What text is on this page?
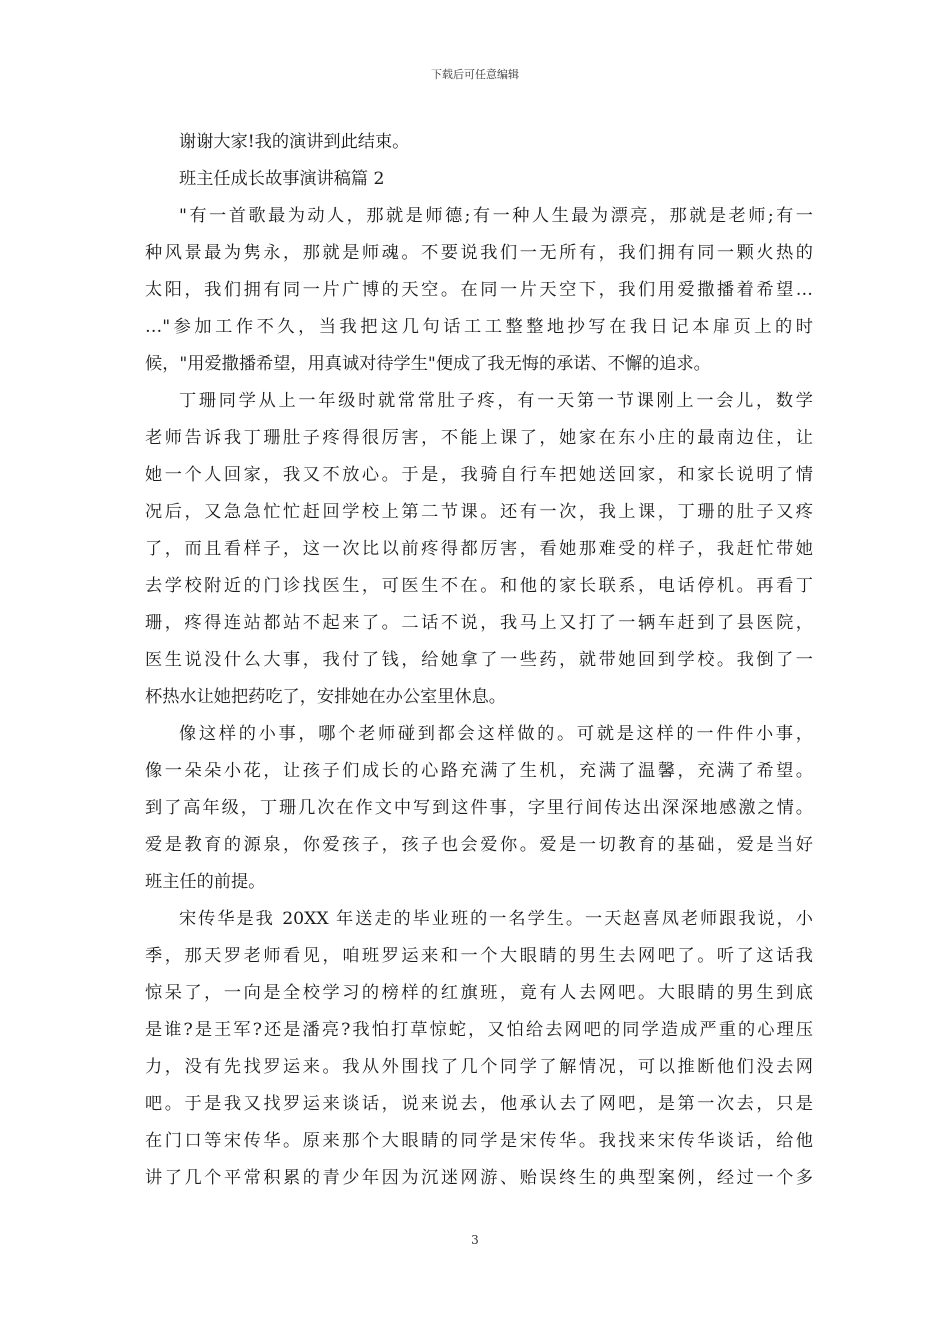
下载后可任意编辑
谢谢大家!我的演讲到此结束。
班主任成长故事演讲稿篇 2
"有一首歌最为动人，那就是师德;有一种人生最为漂亮，那就是老师;有一
种风景最为隽永，那就是师魂。不要说我们一无所有，我们拥有同一颗火热的
太阳，我们拥有同一片广博的天空。在同一片天空下，我们用爱撒播着希望…
…"参加工作不久，当我把这几句话工工整整地抄写在我日记本扉页上的时
候，"用爱撒播希望，用真诚对待学生"便成了我无悔的承诺、不懈的追求。
丁珊同学从上一年级时就常常肚子疼，有一天第一节课刚上一会儿，数学
老师告诉我丁珊肚子疼得很厉害，不能上课了，她家在东小庄的最南边住，让
她一个人回家，我又不放心。于是，我骑自行车把她送回家，和家长说明了情
况后，又急急忙忙赶回学校上第二节课。还有一次，我上课，丁珊的肚子又疼
了，而且看样子，这一次比以前疼得都厉害，看她那难受的样子，我赶忙带她
去学校附近的门诊找医生，可医生不在。和他的家长联系，电话停机。再看丁
珊，疼得连站都站不起来了。二话不说，我马上又打了一辆车赶到了县医院，
医生说没什么大事，我付了钱，给她拿了一些药，就带她回到学校。我倒了一
杯热水让她把药吃了，安排她在办公室里休息。
像这样的小事，哪个老师碰到都会这样做的。可就是这样的一件件小事，
像一朵朵小花，让孩子们成长的心路充满了生机，充满了温馨，充满了希望。
到了高年级，丁珊几次在作文中写到这件事，字里行间传达出深深地感激之情。
爱是教育的源泉，你爱孩子，孩子也会爱你。爱是一切教育的基础，爱是当好
班主任的前提。
宋传华是我 20XX 年送走的毕业班的一名学生。一天赵喜凤老师跟我说，小
季，那天罗老师看见，咱班罗运来和一个大眼睛的男生去网吧了。听了这话我
惊呆了，一向是全校学习的榜样的红旗班，竟有人去网吧。大眼睛的男生到底
是谁?是王军?还是潘亮?我怕打草惊蛇，又怕给去网吧的同学造成严重的心理压
力，没有先找罗运来。我从外围找了几个同学了解情况，可以推断他们没去网
吧。于是我又找罗运来谈话，说来说去，他承认去了网吧，是第一次去，只是
在门口等宋传华。原来那个大眼睛的同学是宋传华。我找来宋传华谈话，给他
讲了几个平常积累的青少年因为沉迷网游、贻误终生的典型案例，经过一个多
3
